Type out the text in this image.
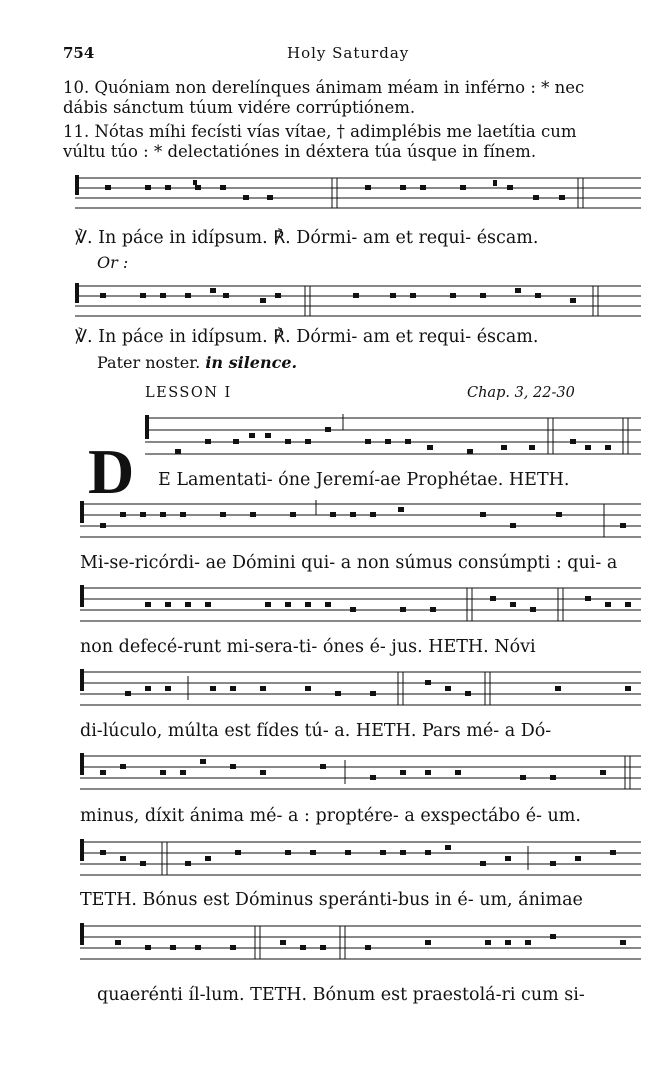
754	Holy Saturday
10. Quóniam non derelínques ánimam méam in inférno : * nec
dábis sánctum túum vidére corrúptiónem.
11. Nótas míhi fecísti vías vítae, † adimplébis me laetítia cum
vúltu túo : * delectatiónes in déxtera túa úsque in fínem.
℣. In páce in idípsum. ℟. Dórmi- am et requi- éscam.
Or :
℣. In páce in idípsum. ℟. Dórmi- am et requi- éscam.
Pater noster. in silence.
LESSON I	Chap. 3, 22-30
D E Lamentati- óne Jeremí-ae Prophétae. HETH.
Mi-se-ricórdi- ae Dómini qui- a non súmus consúmpti : qui- a
non defecé-runt mi-sera-ti- ónes é- jus. HETH. Nóvi
di-lúculo, múlta est fídes tú- a. HETH. Pars mé- a Dó-
minus, díxit ánima mé- a : proptére- a exspectábo é- um.
TETH. Bónus est Dóminus speránti-bus in é- um, ánimae
quaerénti íl-lum. TETH. Bónum est praestolá-ri cum si-
